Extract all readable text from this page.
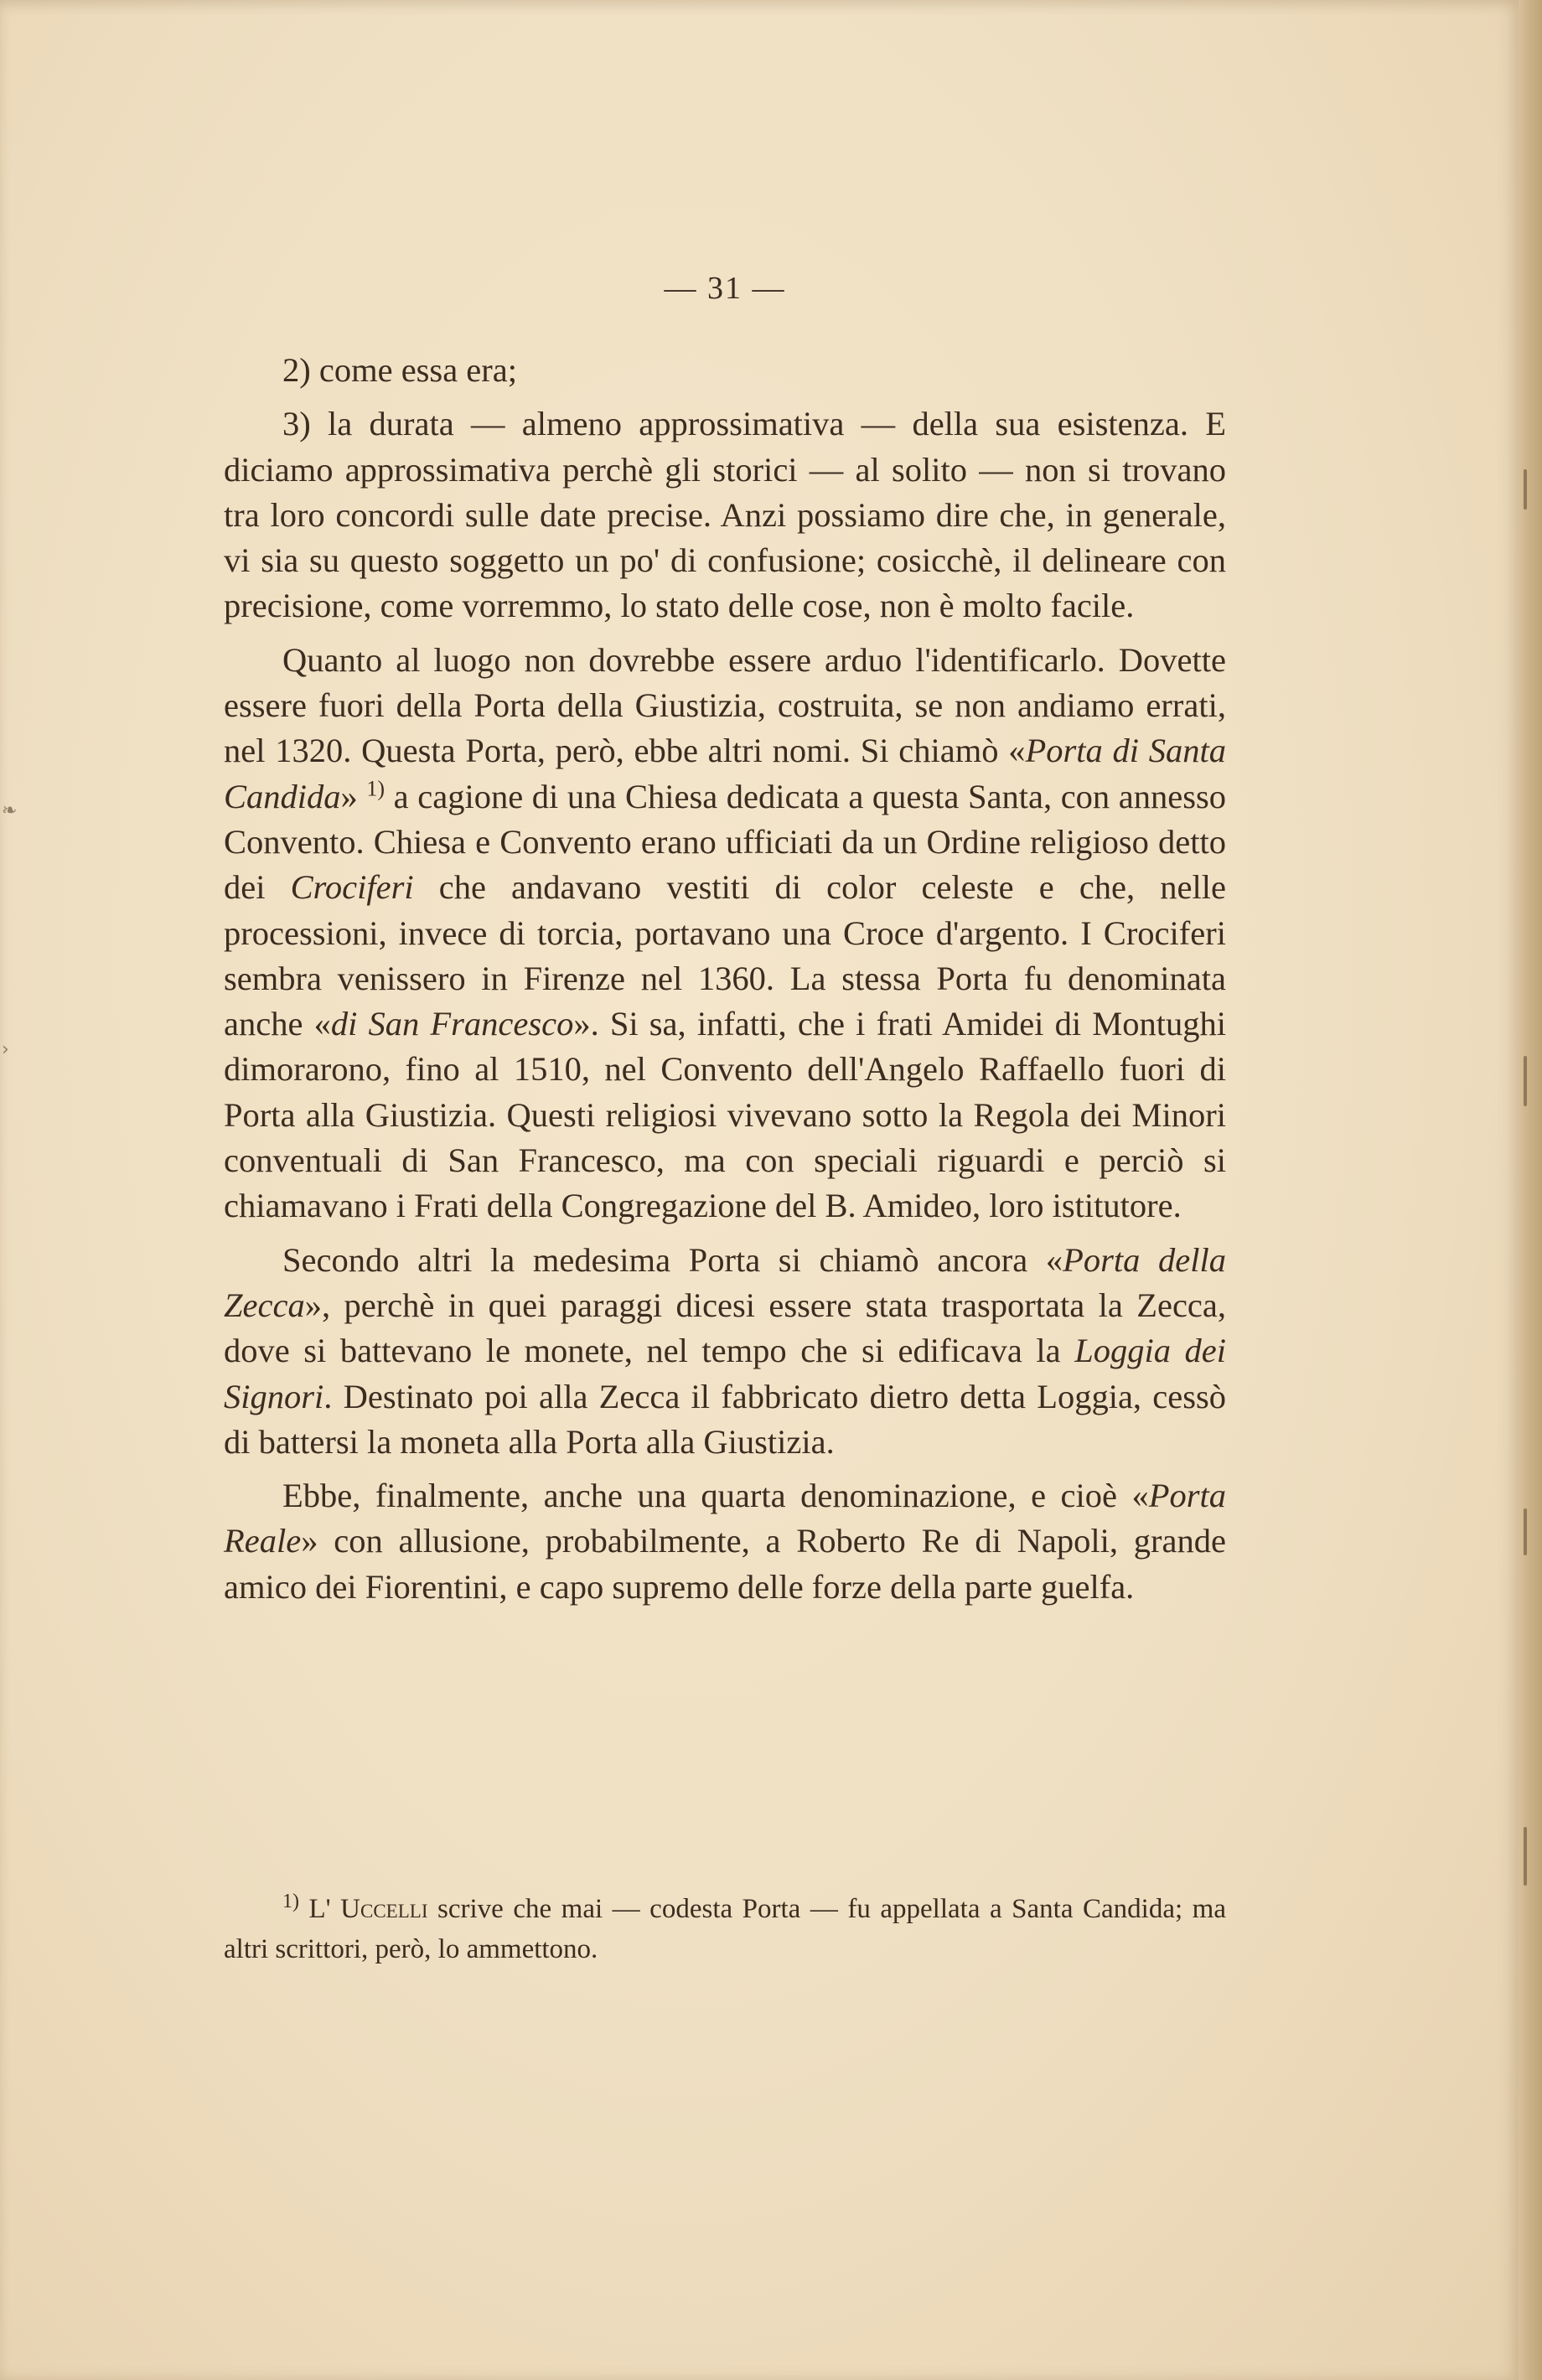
❧
›
— 31 —

2) come essa era;

3) la durata — almeno approssimativa — della sua esistenza. E diciamo approssimativa perchè gli storici — al solito — non si trovano tra loro concordi sulle date precise. Anzi possiamo dire che, in generale, vi sia su questo soggetto un po' di confusione; cosicchè, il delineare con precisione, come vorremmo, lo stato delle cose, non è molto facile.

Quanto al luogo non dovrebbe essere arduo l'identificarlo. Dovette essere fuori della Porta della Giustizia, costruita, se non andiamo errati, nel 1320. Questa Porta, però, ebbe altri nomi. Si chiamò «Porta di Santa Candida» $^{1)}$ a cagione di una Chiesa dedicata a questa Santa, con annesso Convento. Chiesa e Convento erano ufficiati da un Ordine religioso detto dei Crociferi che andavano vestiti di color celeste e che, nelle processioni, invece di torcia, portavano una Croce d'argento. I Crociferi sembra venissero in Firenze nel 1360. La stessa Porta fu denominata anche «di San Francesco». Si sa, infatti, che i frati Amidei di Montughi dimorarono, fino al 1510, nel Convento dell'Angelo Raffaello fuori di Porta alla Giustizia. Questi religiosi vivevano sotto la Regola dei Minori conventuali di San Francesco, ma con speciali riguardi e perciò si chiamavano i Frati della Congregazione del B. Amideo, loro istitutore.

Secondo altri la medesima Porta si chiamò ancora «Porta della Zecca», perchè in quei paraggi dicesi essere stata trasportata la Zecca, dove si battevano le monete, nel tempo che si edificava la Loggia dei Signori. Destinato poi alla Zecca il fabbricato dietro detta Loggia, cessò di battersi la moneta alla Porta alla Giustizia.

Ebbe, finalmente, anche una quarta denominazione, e cioè «Porta Reale» con allusione, probabilmente, a Roberto Re di Napoli, grande amico dei Fiorentini, e capo supremo delle forze della parte guelfa.

$^{1)}$ L' Uccelli scrive che mai — codesta Porta — fu appellata a Santa Candida; ma altri scrittori, però, lo ammettono.
